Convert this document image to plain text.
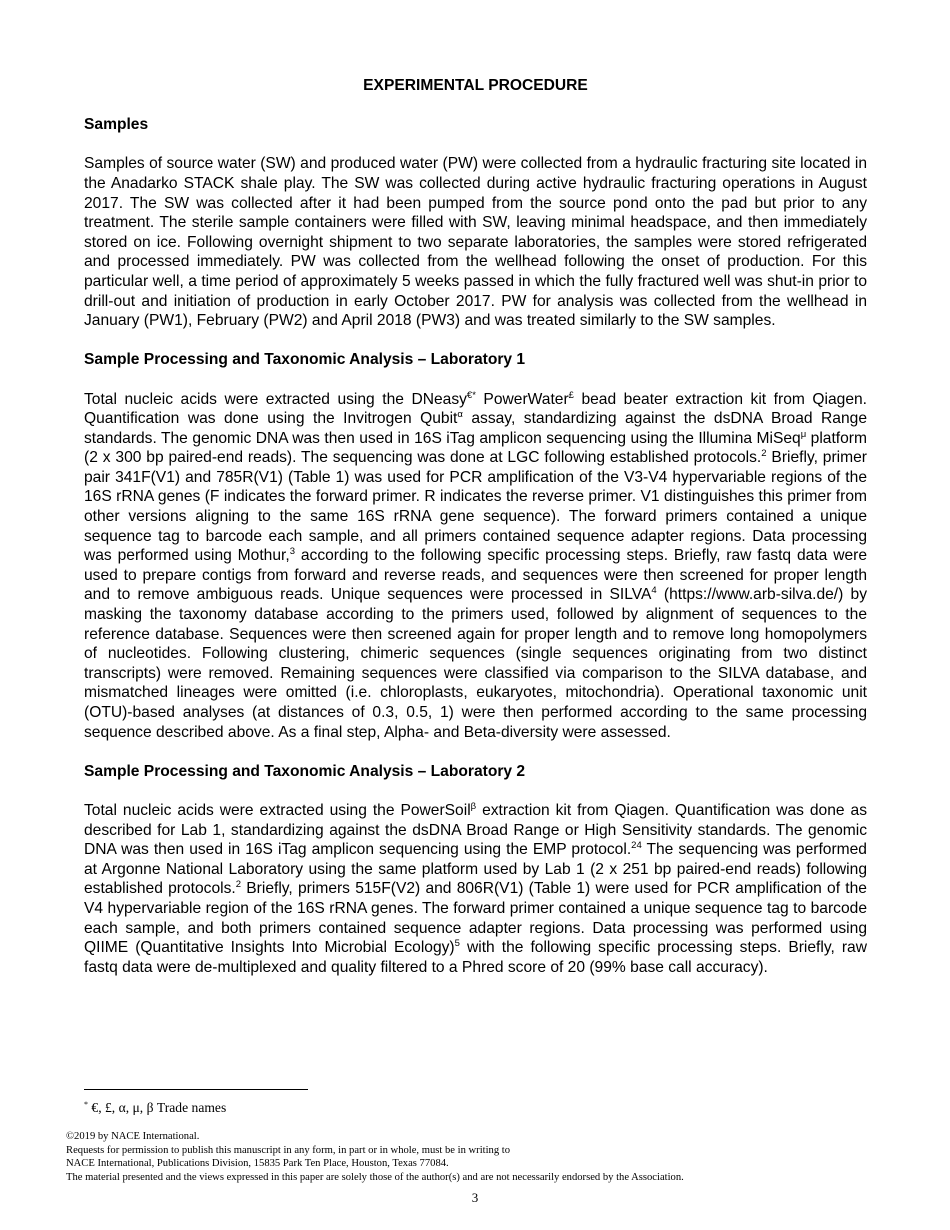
EXPERIMENTAL PROCEDURE
Samples

Samples of source water (SW) and produced water (PW) were collected from a hydraulic fracturing site located in the Anadarko STACK shale play. The SW was collected during active hydraulic fracturing operations in August 2017. The SW was collected after it had been pumped from the source pond onto the pad but prior to any treatment. The sterile sample containers were filled with SW, leaving minimal headspace, and then immediately stored on ice. Following overnight shipment to two separate laboratories, the samples were stored refrigerated and processed immediately. PW was collected from the wellhead following the onset of production. For this particular well, a time period of approximately 5 weeks passed in which the fully fractured well was shut-in prior to drill-out and initiation of production in early October 2017. PW for analysis was collected from the wellhead in January (PW1), February (PW2) and April 2018 (PW3) and was treated similarly to the SW samples.

Sample Processing and Taxonomic Analysis – Laboratory 1

Total nucleic acids were extracted using the DNeasy€* PowerWater£ bead beater extraction kit from Qiagen. Quantification was done using the Invitrogen Qubit$^\alpha$ assay, standardizing against the dsDNA Broad Range standards. The genomic DNA was then used in 16S iTag amplicon sequencing using the Illumina MiSeq$^\mu$ platform (2 x 300 bp paired-end reads). The sequencing was done at LGC following established protocols.$^2$ Briefly, primer pair 341F(V1) and 785R(V1) (Table 1) was used for PCR amplification of the V3-V4 hypervariable regions of the 16S rRNA genes (F indicates the forward primer. R indicates the reverse primer. V1 distinguishes this primer from other versions aligning to the same 16S rRNA gene sequence). The forward primers contained a unique sequence tag to barcode each sample, and all primers contained sequence adapter regions. Data processing was performed using Mothur,$^3$ according to the following specific processing steps. Briefly, raw fastq data were used to prepare contigs from forward and reverse reads, and sequences were then screened for proper length and to remove ambiguous reads. Unique sequences were processed in SILVA$^4$ (https://www.arb-silva.de/) by masking the taxonomy database according to the primers used, followed by alignment of sequences to the reference database. Sequences were then screened again for proper length and to remove long homopolymers of nucleotides. Following clustering, chimeric sequences (single sequences originating from two distinct transcripts) were removed. Remaining sequences were classified via comparison to the SILVA database, and mismatched lineages were omitted (i.e. chloroplasts, eukaryotes, mitochondria). Operational taxonomic unit (OTU)-based analyses (at distances of 0.3, 0.5, 1) were then performed according to the same processing sequence described above. As a final step, Alpha- and Beta-diversity were assessed.

Sample Processing and Taxonomic Analysis – Laboratory 2

Total nucleic acids were extracted using the PowerSoil$^\beta$ extraction kit from Qiagen. Quantification was done as described for Lab 1, standardizing against the dsDNA Broad Range or High Sensitivity standards. The genomic DNA was then used in 16S iTag amplicon sequencing using the EMP protocol.$^{24}$ The sequencing was performed at Argonne National Laboratory using the same platform used by Lab 1 (2 x 251 bp paired-end reads) following established protocols.$^2$ Briefly, primers 515F(V2) and 806R(V1) (Table 1) were used for PCR amplification of the V4 hypervariable region of the 16S rRNA genes. The forward primer contained a unique sequence tag to barcode each sample, and both primers contained sequence adapter regions. Data processing was performed using QIIME (Quantitative Insights Into Microbial Ecology)$^5$ with the following specific processing steps. Briefly, raw fastq data were de-multiplexed and quality filtered to a Phred score of 20 (99% base call accuracy).

* €, £, α, μ, β Trade names
©2019 by NACE International.
Requests for permission to publish this manuscript in any form, in part or in whole, must be in writing to
NACE International, Publications Division, 15835 Park Ten Place, Houston, Texas 77084.
The material presented and the views expressed in this paper are solely those of the author(s) and are not necessarily endorsed by the Association.
3
